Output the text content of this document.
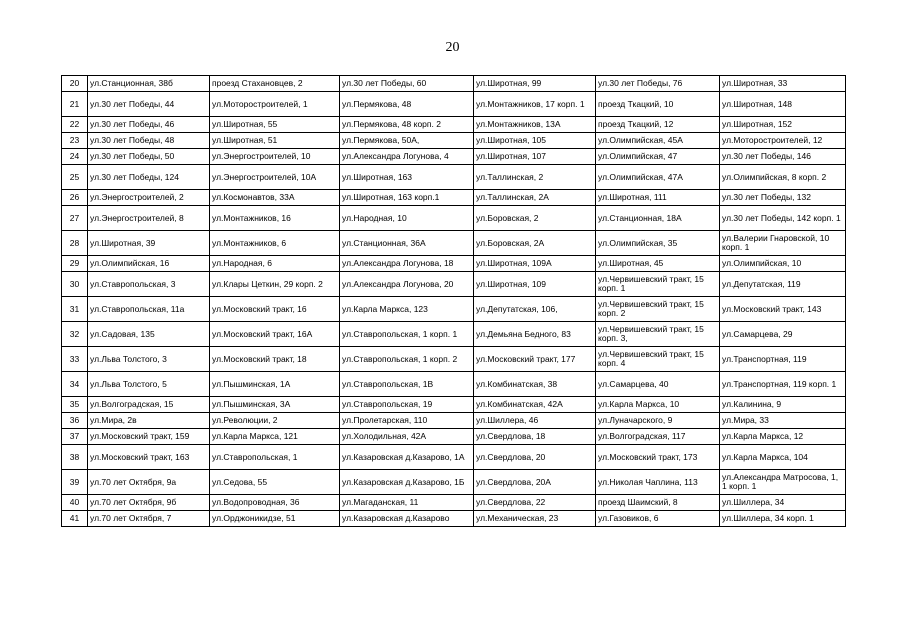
20
20	ул.Станционная, 38б	проезд Стахановцев, 2	ул.30 лет Победы, 60	ул.Широтная, 99	ул.30 лет Победы, 76	ул.Широтная, 33
21	ул.30 лет Победы, 44	ул.Моторостроителей, 1	ул.Пермякова, 48	ул.Монтажников, 17 корп. 1	проезд Ткацкий, 10	ул.Широтная, 148
22	ул.30 лет Победы, 46	ул.Широтная, 55	ул.Пермякова, 48 корп. 2	ул.Монтажников, 13А	проезд Ткацкий, 12	ул.Широтная, 152
23	ул.30 лет Победы, 48	ул.Широтная, 51	ул.Пермякова, 50А,	ул.Широтная, 105	ул.Олимпийская, 45А	ул.Моторостроителей, 12
24	ул.30 лет Победы, 50	ул.Энергостроителей, 10	ул.Александра Логунова, 4	ул.Широтная, 107	ул.Олимпийская, 47	ул.30 лет Победы, 146
25	ул.30 лет Победы, 124	ул.Энергостроителей, 10А	ул.Широтная, 163	ул.Таллинская, 2	ул.Олимпийская, 47А	ул.Олимпийская, 8 корп. 2
26	ул.Энергостроителей, 2	ул.Космонавтов, 33А	ул.Широтная, 163 корп.1	ул.Таллинская, 2А	ул.Широтная, 111	ул.30 лет Победы, 132
27	ул.Энергостроителей, 8	ул.Монтажников, 16	ул.Народная, 10	ул.Боровская, 2	ул.Станционная, 18А	ул.30 лет Победы, 142 корп. 1
28	ул.Широтная, 39	ул.Монтажников, 6	ул.Станционная, 36А	ул.Боровская, 2А	ул.Олимпийская, 35	ул.Валерии Гнаровской, 10 корп. 1
29	ул.Олимпийская, 16	ул.Народная, 6	ул.Александра Логунова, 18	ул.Широтная, 109А	ул.Широтная, 45	ул.Олимпийская, 10
30	ул.Ставропольская, 3	ул.Клары Цеткин, 29 корп. 2	ул.Александра Логунова, 20	ул.Широтная, 109	ул.Червишевский тракт, 15 корп. 1	ул.Депутатская, 119
31	ул.Ставропольская, 11а	ул.Московский тракт, 16	ул.Карла Маркса, 123	ул.Депутатская, 106,	ул.Червишевский тракт, 15 корп. 2	ул.Московский тракт, 143
32	ул.Садовая, 135	ул.Московский тракт, 16А	ул.Ставропольская, 1 корп. 1	ул.Демьяна Бедного, 83	ул.Червишевский тракт, 15 корп. 3,	ул.Самарцева, 29
33	ул.Льва Толстого, 3	ул.Московский тракт, 18	ул.Ставропольская, 1 корп. 2	ул.Московский тракт, 177	ул.Червишевский тракт, 15 корп. 4	ул.Транспортная, 119
34	ул.Льва Толстого, 5	ул.Пышминская, 1А	ул.Ставропольская, 1В	ул.Комбинатская, 38	ул.Самарцева, 40	ул.Транспортная, 119 корп. 1
35	ул.Волгоградская, 15	ул.Пышминская, 3А	ул.Ставропольская, 19	ул.Комбинатская, 42А	ул.Карла Маркса, 10	ул.Калинина, 9
36	ул.Мира, 2в	ул.Революции, 2	ул.Пролетарская, 110	ул.Шиллера, 46	ул.Луначарского, 9	ул.Мира, 33
37	ул.Московский тракт, 159	ул.Карла Маркса, 121	ул.Холодильная, 42А	ул.Свердлова, 18	ул.Волгоградская, 117	ул.Карла Маркса, 12
38	ул.Московский тракт, 163	ул.Ставропольская, 1	ул.Казаровская д.Казарово, 1А	ул.Свердлова, 20	ул.Московский тракт, 173	ул.Карла Маркса, 104
39	ул.70 лет Октября, 9а	ул.Седова, 55	ул.Казаровская д.Казарово, 1Б	ул.Свердлова, 20А	ул.Николая Чаплина, 113	ул.Александра Матросова, 1, 1 корп. 1
40	ул.70 лет Октября, 9б	ул.Водопроводная, 36	ул.Магаданская, 11	ул.Свердлова, 22	проезд Шаимский, 8	ул.Шиллера, 34
41	ул.70 лет Октября, 7	ул.Орджоникидзе, 51	ул.Казаровская д.Казарово	ул.Механическая, 23	ул.Газовиков, 6	ул.Шиллера, 34 корп. 1
